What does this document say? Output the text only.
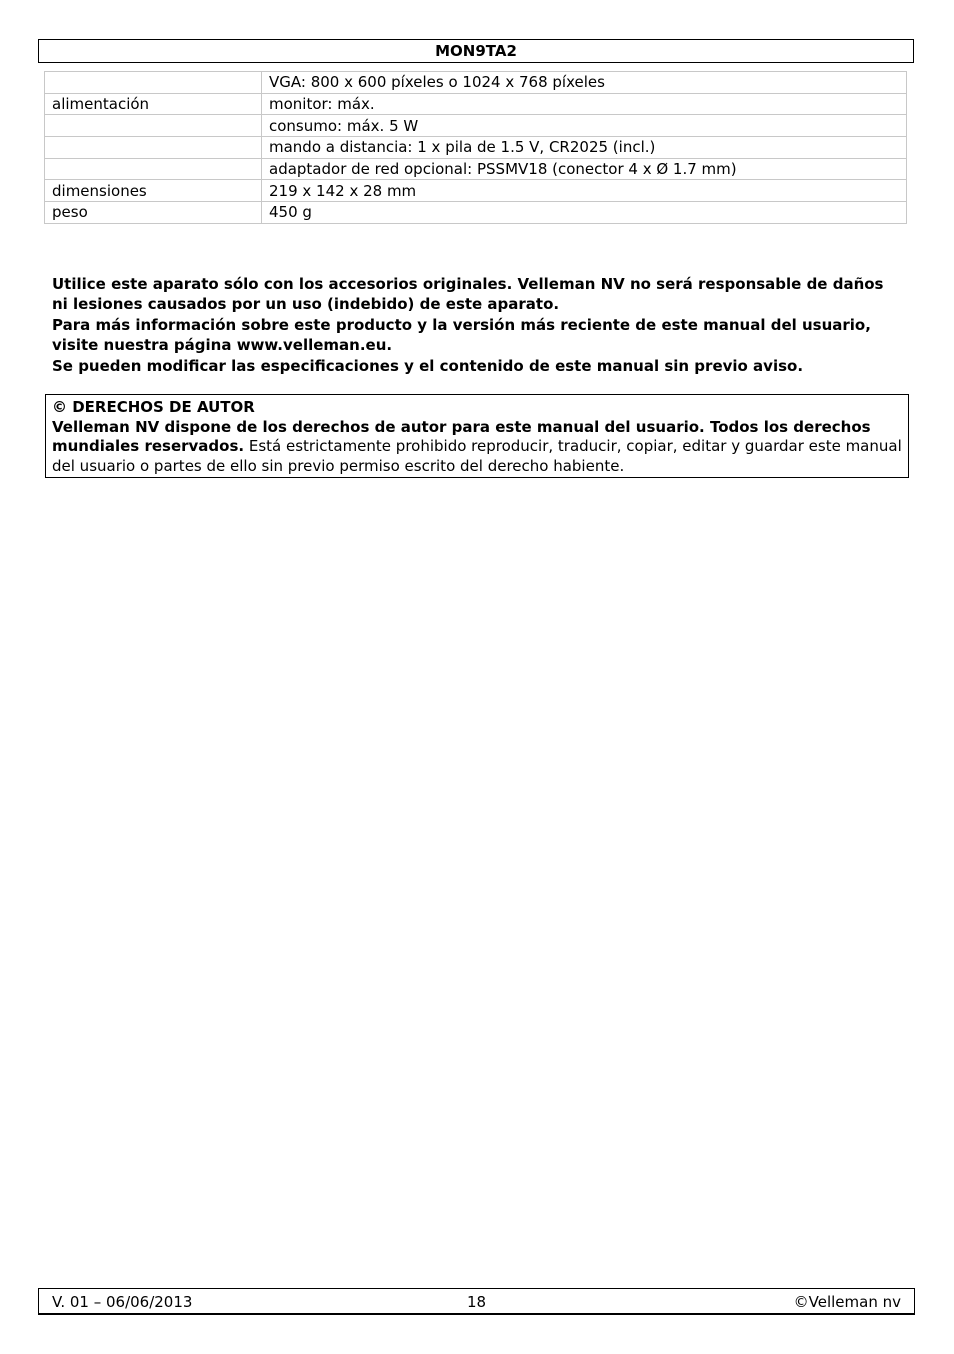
MON9TA2
	VGA: 800 x 600 píxeles o 1024 x 768 píxeles
alimentación	monitor: máx.
	consumo: máx. 5 W
	mando a distancia: 1 x pila de 1.5 V, CR2025 (incl.)
	adaptador de red opcional: PSSMV18 (conector 4 x Ø 1.7 mm)
dimensiones	219 x 142 x 28 mm
peso	450 g

Utilice este aparato sólo con los accesorios originales. Velleman NV no será responsable de daños ni lesiones causados por un uso (indebido) de este aparato.

Para más información sobre este producto y la versión más reciente de este manual del usuario, visite nuestra página www.velleman.eu.

Se pueden modificar las especificaciones y el contenido de este manual sin previo aviso.

© DERECHOS DE AUTOR
Velleman NV dispone de los derechos de autor para este manual del usuario. Todos los derechos mundiales reservados. Está estrictamente prohibido reproducir, traducir, copiar, editar y guardar este manual del usuario o partes de ello sin previo permiso escrito del derecho habiente.
V. 01 – 06/06/2013	18	©Velleman nv
